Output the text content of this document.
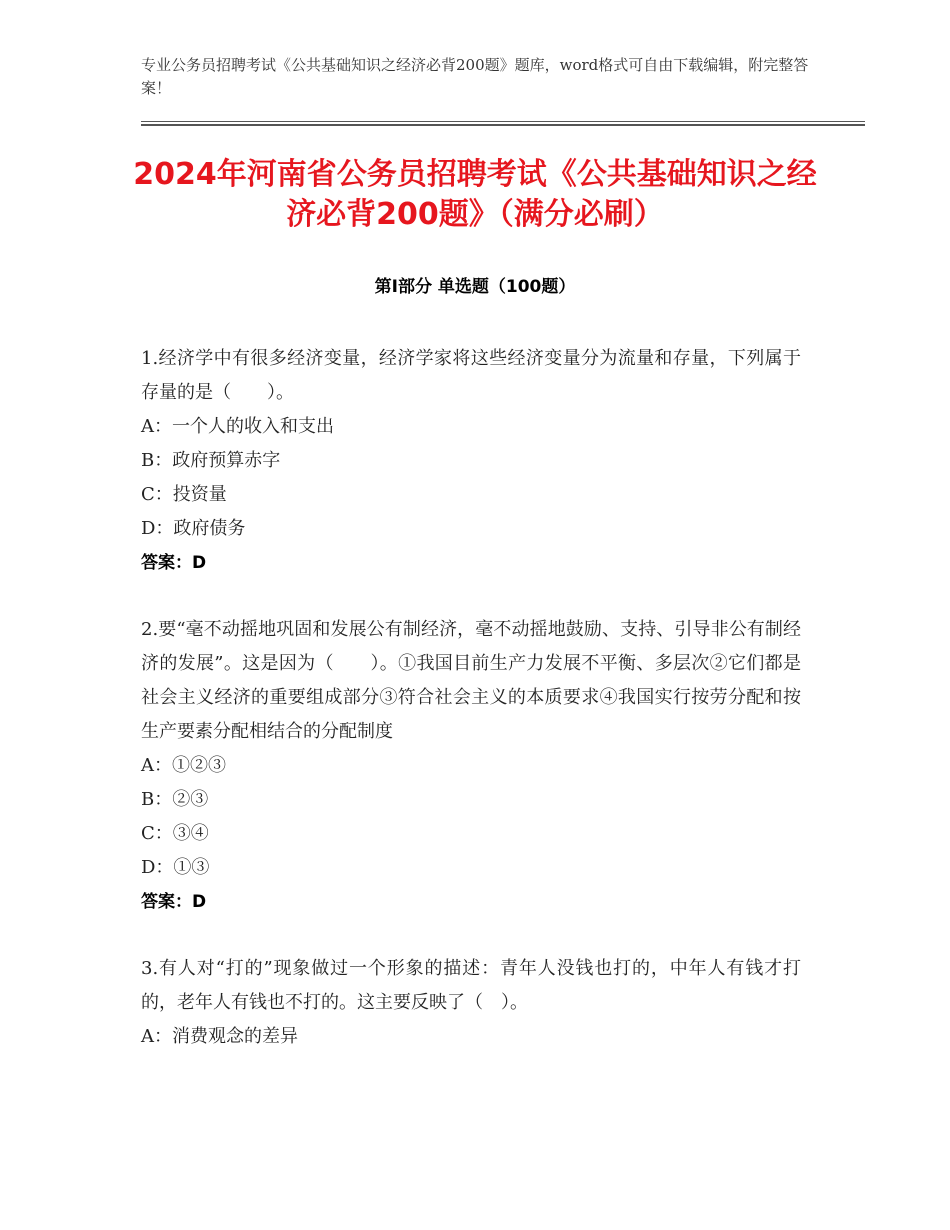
专业公务员招聘考试《公共基础知识之经济必背200题》题库，word格式可自由下载编辑，附完整答案！
2024年河南省公务员招聘考试《公共基础知识之经济必背200题》（满分必刷）
第Ⅰ部分 单选题（100题）
1.经济学中有很多经济变量，经济学家将这些经济变量分为流量和存量，下列属于存量的是（　　）。
A：一个人的收入和支出
B：政府预算赤字
C：投资量
D：政府债务
答案：D
2.要“毫不动摇地巩固和发展公有制经济，毫不动摇地鼓励、支持、引导非公有制经济的发展”。这是因为（　　）。①我国目前生产力发展不平衡、多层次②它们都是社会主义经济的重要组成部分③符合社会主义的本质要求④我国实行按劳分配和按生产要素分配相结合的分配制度
A：①②③
B：②③
C：③④
D：①③
答案：D
3.有人对“打的”现象做过一个形象的描述：青年人没钱也打的，中年人有钱才打的，老年人有钱也不打的。这主要反映了（　）。
A：消费观念的差异
